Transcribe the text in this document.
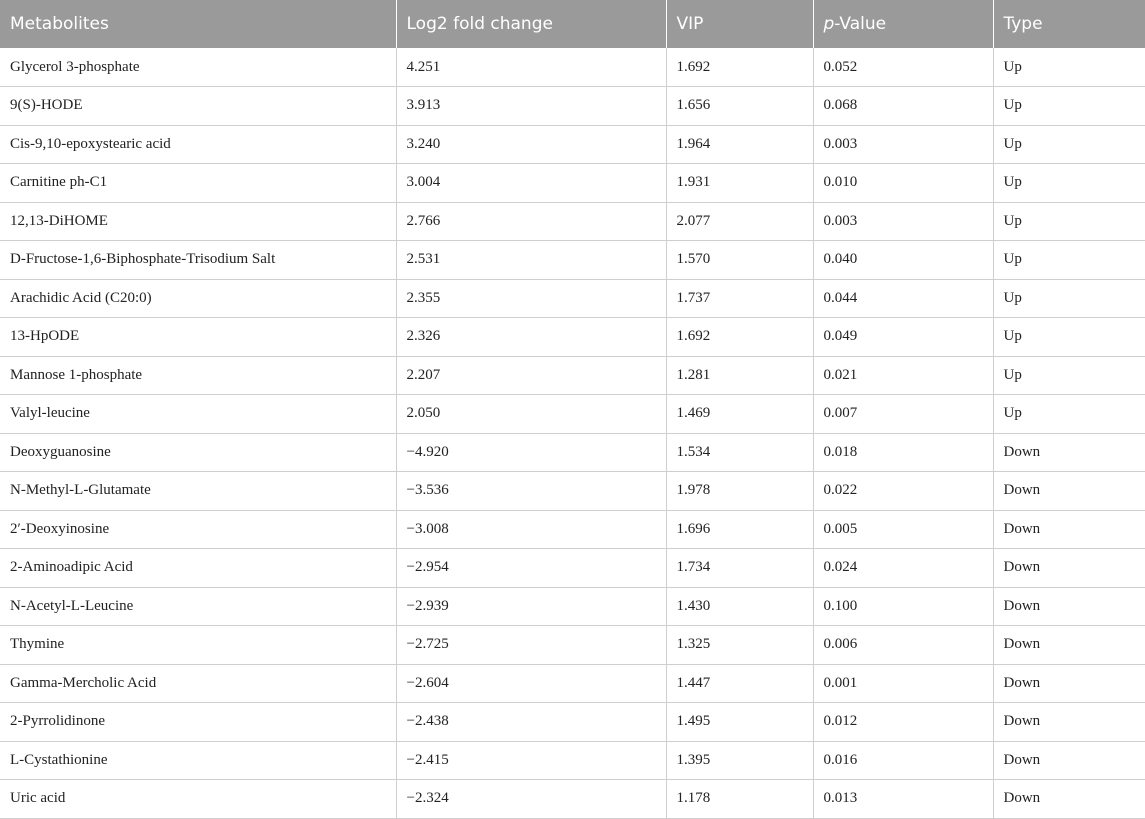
Metabolites	Log2 fold change	VIP	p-Value	Type
Glycerol 3-phosphate	4.251	1.692	0.052	Up
9(S)-HODE	3.913	1.656	0.068	Up
Cis-9,10-epoxystearic acid	3.240	1.964	0.003	Up
Carnitine ph-C1	3.004	1.931	0.010	Up
12,13-DiHOME	2.766	2.077	0.003	Up
D-Fructose-1,6-Biphosphate-Trisodium Salt	2.531	1.570	0.040	Up
Arachidic Acid (C20:0)	2.355	1.737	0.044	Up
13-HpODE	2.326	1.692	0.049	Up
Mannose 1-phosphate	2.207	1.281	0.021	Up
Valyl-leucine	2.050	1.469	0.007	Up
Deoxyguanosine	−4.920	1.534	0.018	Down
N-Methyl-L-Glutamate	−3.536	1.978	0.022	Down
2′-Deoxyinosine	−3.008	1.696	0.005	Down
2-Aminoadipic Acid	−2.954	1.734	0.024	Down
N-Acetyl-L-Leucine	−2.939	1.430	0.100	Down
Thymine	−2.725	1.325	0.006	Down
Gamma-Mercholic Acid	−2.604	1.447	0.001	Down
2-Pyrrolidinone	−2.438	1.495	0.012	Down
L-Cystathionine	−2.415	1.395	0.016	Down
Uric acid	−2.324	1.178	0.013	Down
